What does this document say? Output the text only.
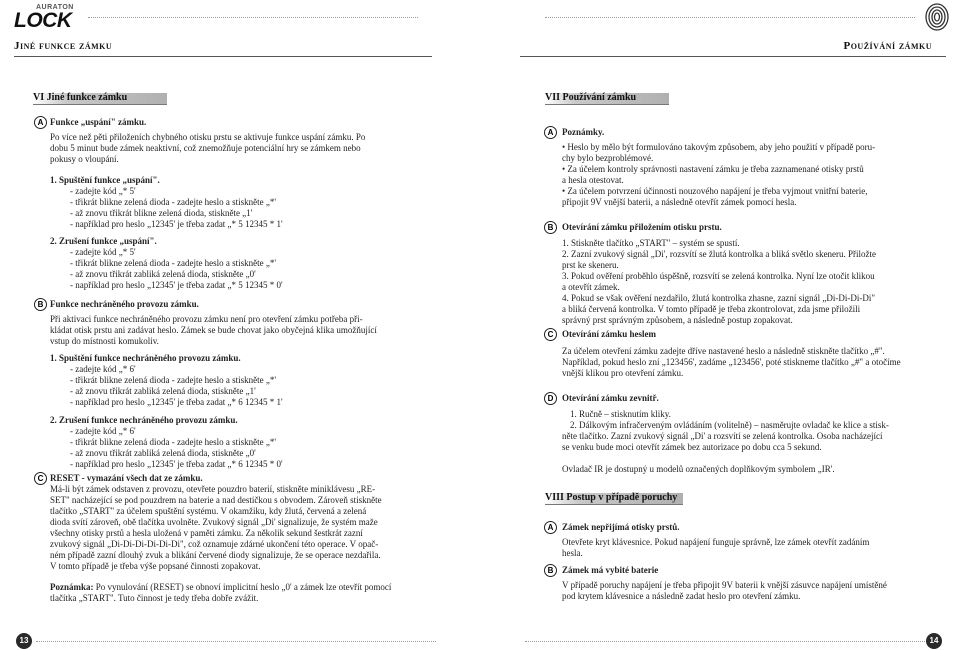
AURATON
LOCK
Jiné funkce zámku	Používání zámku
VI Jiné funkce zámku
A Funkce „uspání" zámku.
Po více než pěti přiloženích chybného otisku prstu se aktivuje funkce uspání zámku. Po
dobu 5 minut bude zámek neaktivní, což znemožňuje potenciální hry se zámkem nebo
pokusy o vloupání.
1. Spuštění funkce „uspání".
- zadejte kód „* 5'
- třikrát blikne zelená dioda - zadejte heslo a stiskněte „*'
- až znovu třikrát blikne zelená dioda, stiskněte „1'
- například pro heslo „12345' je třeba zadat „* 5 12345 * 1'
2. Zrušení funkce „uspání".
- zadejte kód „* 5'
- třikrát blikne zelená dioda - zadejte heslo a stiskněte „*'
- až znovu třikrát zabliká zelená dioda, stiskněte „0'
- například pro heslo „12345' je třeba zadat „* 5 12345 * 0'
B Funkce nechráněného provozu zámku.
Při aktivaci funkce nechráněného provozu zámku není pro otevření zámku potřeba při-
kládat otisk prstu ani zadávat heslo. Zámek se bude chovat jako obyčejná klika umožňující
vstup do místnosti komukoliv.
1. Spuštění funkce nechráněného provozu zámku.
- zadejte kód „* 6'
- třikrát blikne zelená dioda - zadejte heslo a stiskněte „*'
- až znovu třikrát zabliká zelená dioda, stiskněte „1'
- například pro heslo „12345' je třeba zadat „* 6 12345 * 1'
2. Zrušení funkce nechráněného provozu zámku.
- zadejte kód „* 6'
- třikrát blikne zelená dioda - zadejte heslo a stiskněte „*'
- až znovu třikrát zabliká zelená dioda, stiskněte „0'
- například pro heslo „12345' je třeba zadat „* 6 12345 * 0'
C RESET - vymazání všech dat ze zámku.
Má-li být zámek odstaven z provozu, otevřete pouzdro baterií, stiskněte miniklávesu „RE-
SET" nacházející se pod pouzdrem na baterie a nad destičkou s obvodem. Zároveň stiskněte
tlačítko „START" za účelem spuštění systému. V okamžiku, kdy žlutá, červená a zelená
dioda svítí zároveň, obě tlačítka uvolněte. Zvukový signál „Di' signalizuje, že systém maže
všechny otisky prstů a hesla uložená v paměti zámku. Za několik sekund šestkrát zazní
zvukový signál „Di-Di-Di-Di-Di-Di", což oznamuje zdárné ukončení této operace. V opač-
ném případě zazní dlouhý zvuk a blikání červené diody signalizuje, že se operace nezdařila.
V tomto případě je třeba výše popsané činnosti zopakovat.
Poznámka: Po vynulování (RESET) se obnoví implicitní heslo „0' a zámek lze otevřít pomocí
tlačítka „START". Tuto činnost je tedy třeba dobře zvážit.
13
VII Používání zámku
A Poznámky.
• Heslo by mělo být formulováno takovým způsobem, aby jeho použití v případě poru-
chy bylo bezproblémové.
• Za účelem kontroly správnosti nastavení zámku je třeba zaznamenané otisky prstů
a hesla otestovat.
• Za účelem potvrzení účinnosti nouzového napájení je třeba vyjmout vnitřní baterie,
připojit 9V vnější baterii, a následně otevřít zámek pomocí hesla.
B Otevírání zámku přiložením otisku prstu.
1. Stiskněte tlačítko „START" – systém se spustí.
2. Zazní zvukový signál „Di', rozsvítí se žlutá kontrolka a bliká světlo skeneru. Přiložte
prst ke skeneru.
3. Pokud ověření proběhlo úspěšně, rozsvítí se zelená kontrolka. Nyní lze otočit klikou
a otevřít zámek.
4. Pokud se však ověření nezdařilo, žlutá kontrolka zhasne, zazní signál „Di-Di-Di-Di"
a bliká červená kontrolka. V tomto případě je třeba zkontrolovat, zda jsme přiložili
správný prst správným způsobem, a následně postup zopakovat.
C Otevírání zámku heslem
Za účelem otevření zámku zadejte dříve nastavené heslo a následně stiskněte tlačítko „#".
Například, pokud heslo zní „123456', zadáme „123456', poté stiskneme tlačítko „#" a otočíme
vnější klikou pro otevření zámku.
D Otevírání zámku zevnitř.
1. Ručně – stisknutím kliky.
2. Dálkovým infračerveným ovládáním (volitelně) – nasměrujte ovladač ke klice a stisk-
něte tlačítko. Zazní zvukový signál „Di' a rozsvítí se zelená kontrolka. Osoba nacházející
se venku bude moci otevřít zámek bez autorizace po dobu cca 5 sekund.
Ovladač IR je dostupný u modelů označených doplňkovým symbolem „IR'.
VIII Postup v případě poruchy
A Zámek nepřijímá otisky prstů.
Otevřete kryt klávesnice. Pokud napájení funguje správně, lze zámek otevřít zadáním
hesla.
B Zámek má vybité baterie
V případě poruchy napájení je třeba připojit 9V baterii k vnější zásuvce napájení umístěné
pod krytem klávesnice a následně zadat heslo pro otevření zámku.
14
